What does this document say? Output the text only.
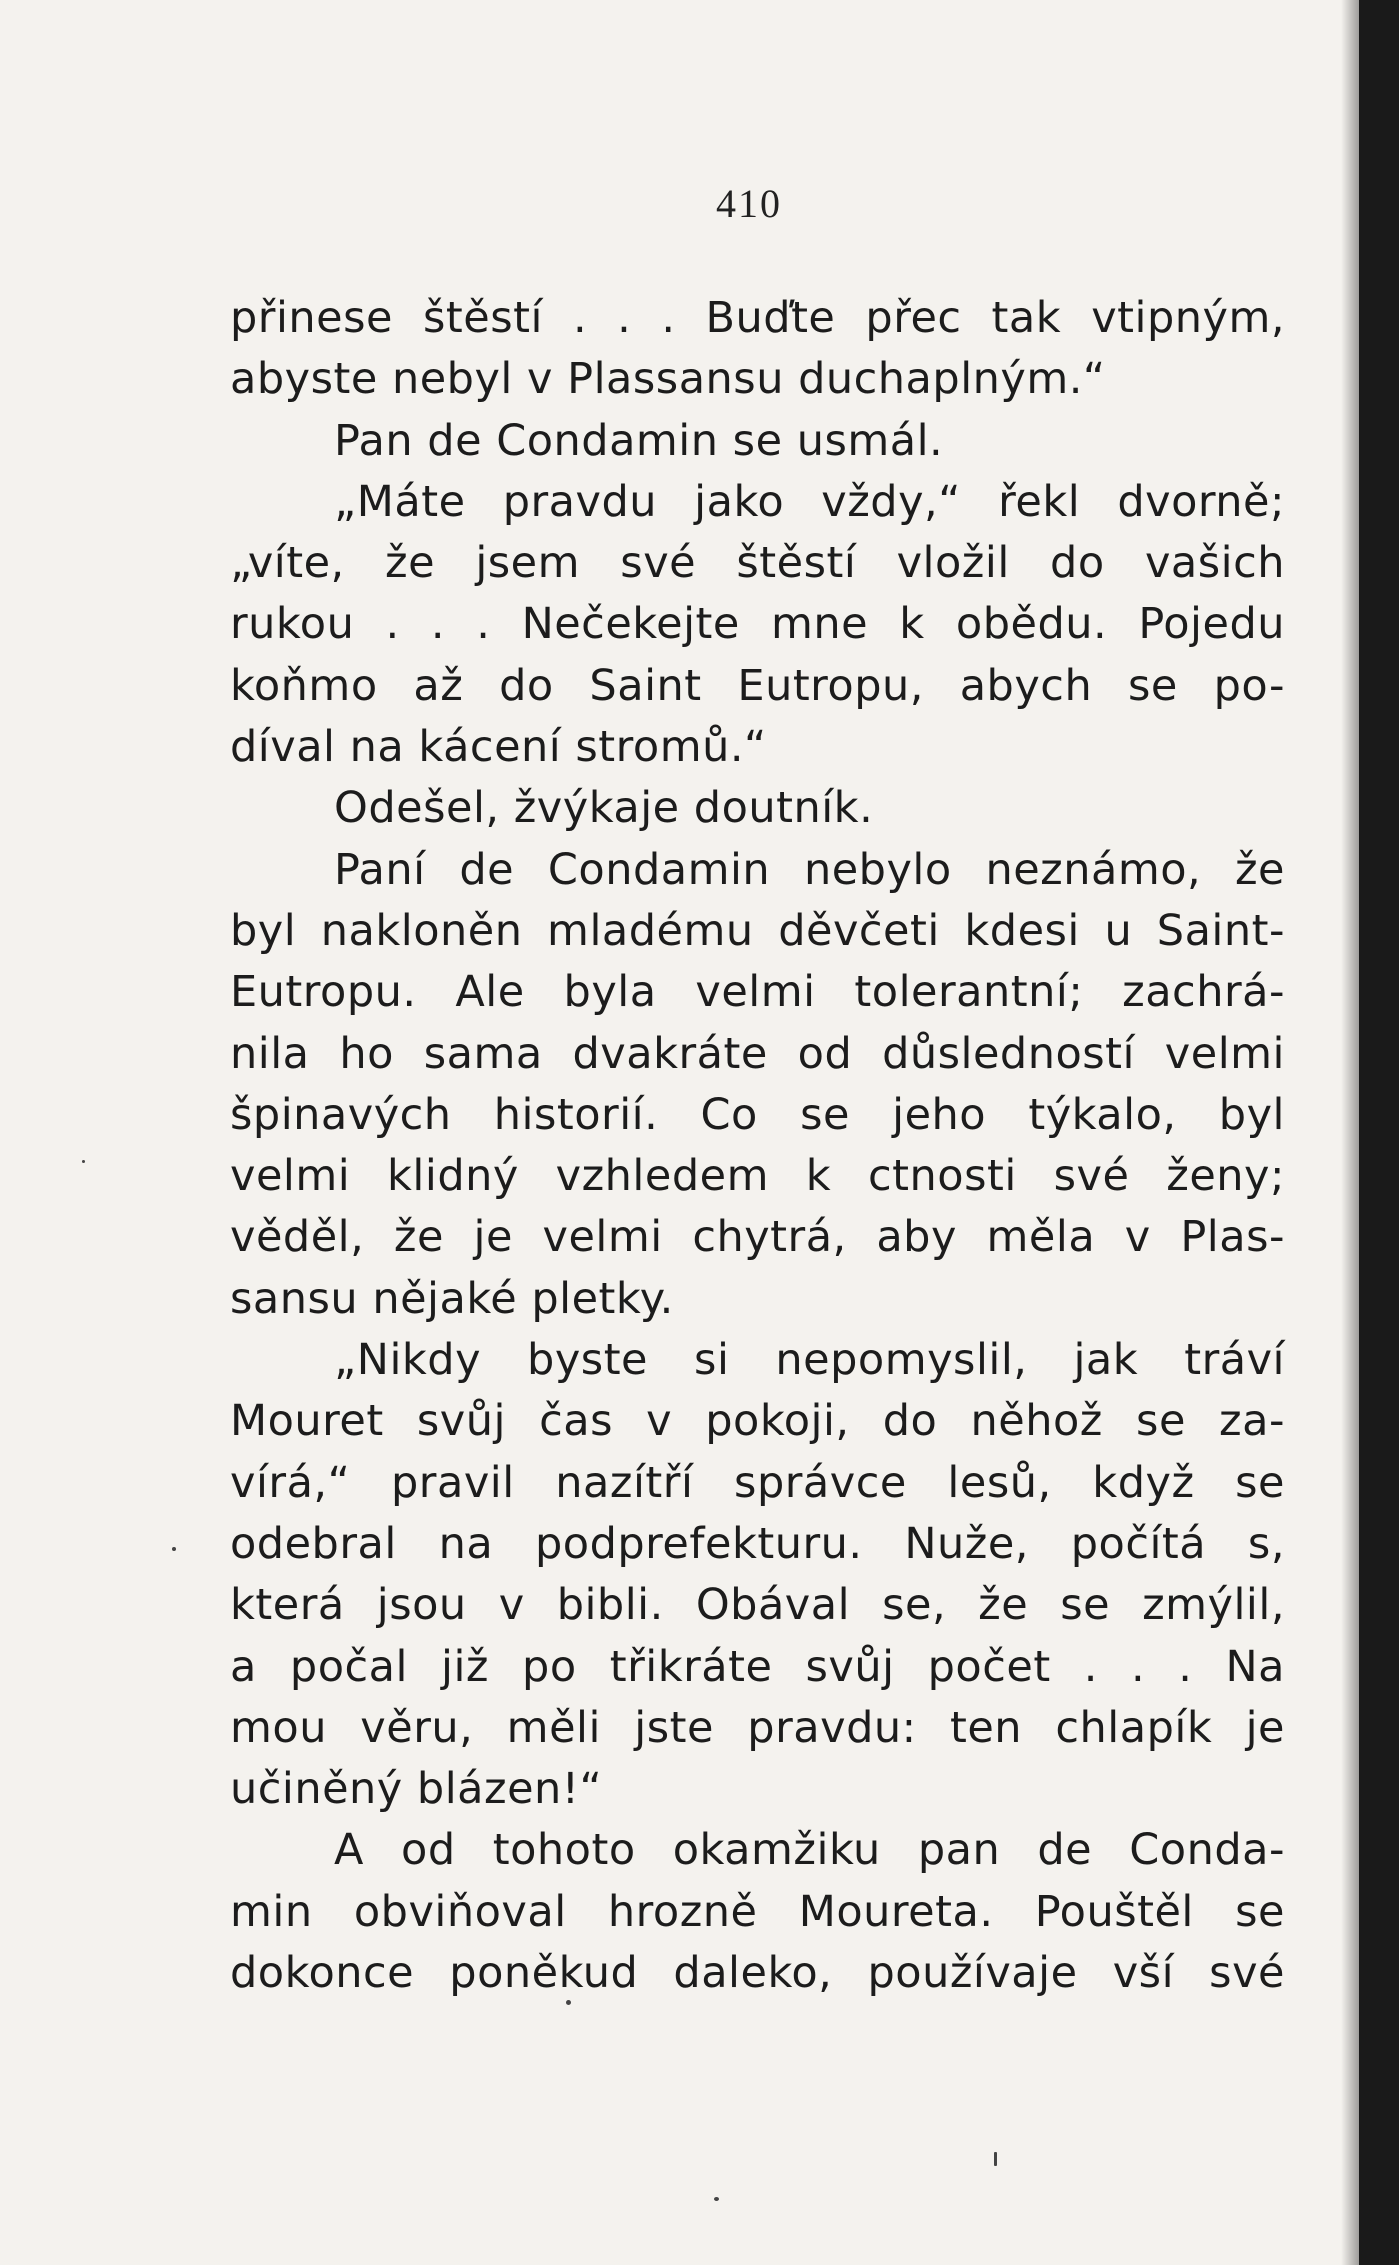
410
přinese štěstí . . . Buďte přec tak vtipným,
abyste nebyl v Plassansu duchaplným.“
Pan de Condamin se usmál.
„Máte pravdu jako vždy,“ řekl dvorně;
„víte, že jsem své štěstí vložil do vašich
rukou . . . Nečekejte mne k obědu. Pojedu
koňmo až do Saint Eutropu, abych se po-
díval na kácení stromů.“
Odešel, žvýkaje doutník.
Paní de Condamin nebylo neznámo, že
byl nakloněn mladému děvčeti kdesi u Saint-
Eutropu. Ale byla velmi tolerantní; zachrá-
nila ho sama dvakráte od důsledností velmi
špinavých historií. Co se jeho týkalo, byl
velmi klidný vzhledem k ctnosti své ženy;
věděl, že je velmi chytrá, aby měla v Plas-
sansu nějaké pletky.
„Nikdy byste si nepomyslil, jak tráví
Mouret svůj čas v pokoji, do něhož se za-
vírá,“ pravil nazítří správce lesů, když se
odebral na podprefekturu. Nuže, počítá s,
která jsou v bibli. Obával se, že se zmýlil,
a počal již po třikráte svůj počet . . . Na
mou věru, měli jste pravdu: ten chlapík je
učiněný blázen!“
A od tohoto okamžiku pan de Conda-
min obviňoval hrozně Moureta. Pouštěl se
dokonce poněkud daleko, používaje vší své
